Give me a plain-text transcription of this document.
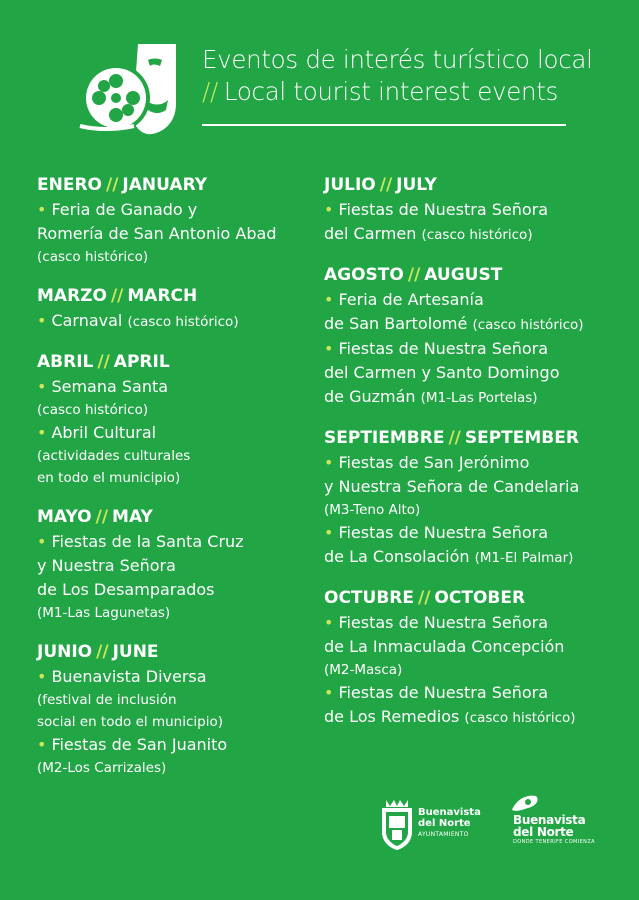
Eventos de interés turístico local
// Local tourist interest events
ENERO // JANUARY
• Feria de Ganado y
Romería de San Antonio Abad
(casco histórico)
MARZO // MARCH
• Carnaval (casco histórico)
ABRIL // APRIL
• Semana Santa
(casco histórico)
• Abril Cultural
(actividades culturales
en todo el municipio)
MAYO // MAY
• Fiestas de la Santa Cruz
y Nuestra Señora
de Los Desamparados
(M1-Las Lagunetas)
JUNIO // JUNE
• Buenavista Diversa
(festival de inclusión
social en todo el municipio)
• Fiestas de San Juanito
(M2-Los Carrizales)
JULIO // JULY
• Fiestas de Nuestra Señora
del Carmen (casco histórico)
AGOSTO // AUGUST
• Feria de Artesanía
de San Bartolomé (casco histórico)
• Fiestas de Nuestra Señora
del Carmen y Santo Domingo
de Guzmán (M1-Las Portelas)
SEPTIEMBRE // SEPTEMBER
• Fiestas de San Jerónimo
y Nuestra Señora de Candelaria
(M3-Teno Alto)
• Fiestas de Nuestra Señora
de La Consolación (M1-El Palmar)
OCTUBRE // OCTOBER
• Fiestas de Nuestra Señora
de La Inmaculada Concepción
(M2-Masca)
• Fiestas de Nuestra Señora
de Los Remedios (casco histórico)
Buenavista
del Norte
AYUNTAMIENTO
Buenavista
del Norte
DONDE TENERIFE COMIENZA
